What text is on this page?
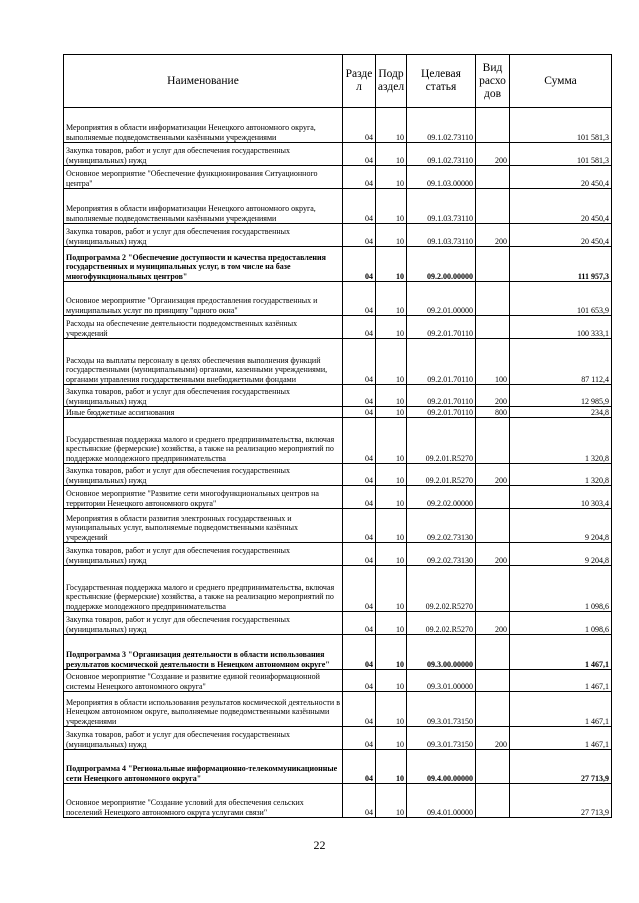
Наименование	Разде л	Подр аздел	Целевая статья	Вид расхо дов	Сумма
Мероприятия в области информатизации Ненецкого автономного округа, выполняемые подведомственными казёнными учреждениями	04	10	09.1.02.73110		101 581,3
Закупка товаров, работ и услуг для обеспечения государственных (муниципальных) нужд	04	10	09.1.02.73110	200	101 581,3
Основное мероприятие "Обеспечение функционирования Ситуационного центра"	04	10	09.1.03.00000		20 450,4
Мероприятия в области информатизации Ненецкого автономного округа, выполняемые подведомственными казёнными учреждениями	04	10	09.1.03.73110		20 450,4
Закупка товаров, работ и услуг для обеспечения государственных (муниципальных) нужд	04	10	09.1.03.73110	200	20 450,4
Подпрограмма 2 "Обеспечение доступности и качества предоставления государственных и муниципальных услуг, в том числе на базе многофункциональных центров"	04	10	09.2.00.00000		111 957,3
Основное мероприятие "Организация предоставления государственных и муниципальных услуг по принципу "одного окна"	04	10	09.2.01.00000		101 653,9
Расходы на обеспечение деятельности подведомственных казённых учреждений	04	10	09.2.01.70110		100 333,1
Расходы на выплаты персоналу в целях обеспечения выполнения функций государственными (муниципальными) органами, казенными учреждениями, органами управления государственными внебюджетными фондами	04	10	09.2.01.70110	100	87 112,4
Закупка товаров, работ и услуг для обеспечения государственных (муниципальных) нужд	04	10	09.2.01.70110	200	12 985,9
Иные бюджетные ассигнования	04	10	09.2.01.70110	800	234,8
Государственная поддержка малого и среднего предпринимательства, включая крестьянские (фермерские) хозяйства, а также на реализацию мероприятий по поддержке молодежного предпринимательства	04	10	09.2.01.R5270		1 320,8
Закупка товаров, работ и услуг для обеспечения государственных (муниципальных) нужд	04	10	09.2.01.R5270	200	1 320,8
Основное мероприятие "Развитие сети многофункциональных центров на территории Ненецкого автономного округа"	04	10	09.2.02.00000		10 303,4
Мероприятия в области развития электронных государственных и муниципальных услуг, выполняемые подведомственными казённых учреждений	04	10	09.2.02.73130		9 204,8
Закупка товаров, работ и услуг для обеспечения государственных (муниципальных) нужд	04	10	09.2.02.73130	200	9 204,8
Государственная поддержка малого и среднего предпринимательства, включая крестьянские (фермерские) хозяйства, а также на реализацию мероприятий по поддержке молодежного предпринимательства	04	10	09.2.02.R5270		1 098,6
Закупка товаров, работ и услуг для обеспечения государственных (муниципальных) нужд	04	10	09.2.02.R5270	200	1 098,6
Подпрограмма 3 "Организация деятельности в области использования результатов космической деятельности в Ненецком автономном округе"	04	10	09.3.00.00000		1 467,1
Основное мероприятие "Создание и развитие единой геоинформационной системы Ненецкого автономного округа"	04	10	09.3.01.00000		1 467,1
Мероприятия в области использования результатов космической деятельности в Ненецком автономном округе, выполняемые подведомственными казёнными учреждениями	04	10	09.3.01.73150		1 467,1
Закупка товаров, работ и услуг для обеспечения государственных (муниципальных) нужд	04	10	09.3.01.73150	200	1 467,1
Подпрограмма 4 "Региональные информационно-телекоммуникационные сети Ненецкого автономного округа"	04	10	09.4.00.00000		27 713,9
Основное мероприятие "Создание условий для обеспечения сельских поселений Ненецкого автономного округа услугами связи"	04	10	09.4.01.00000		27 713,9
22
